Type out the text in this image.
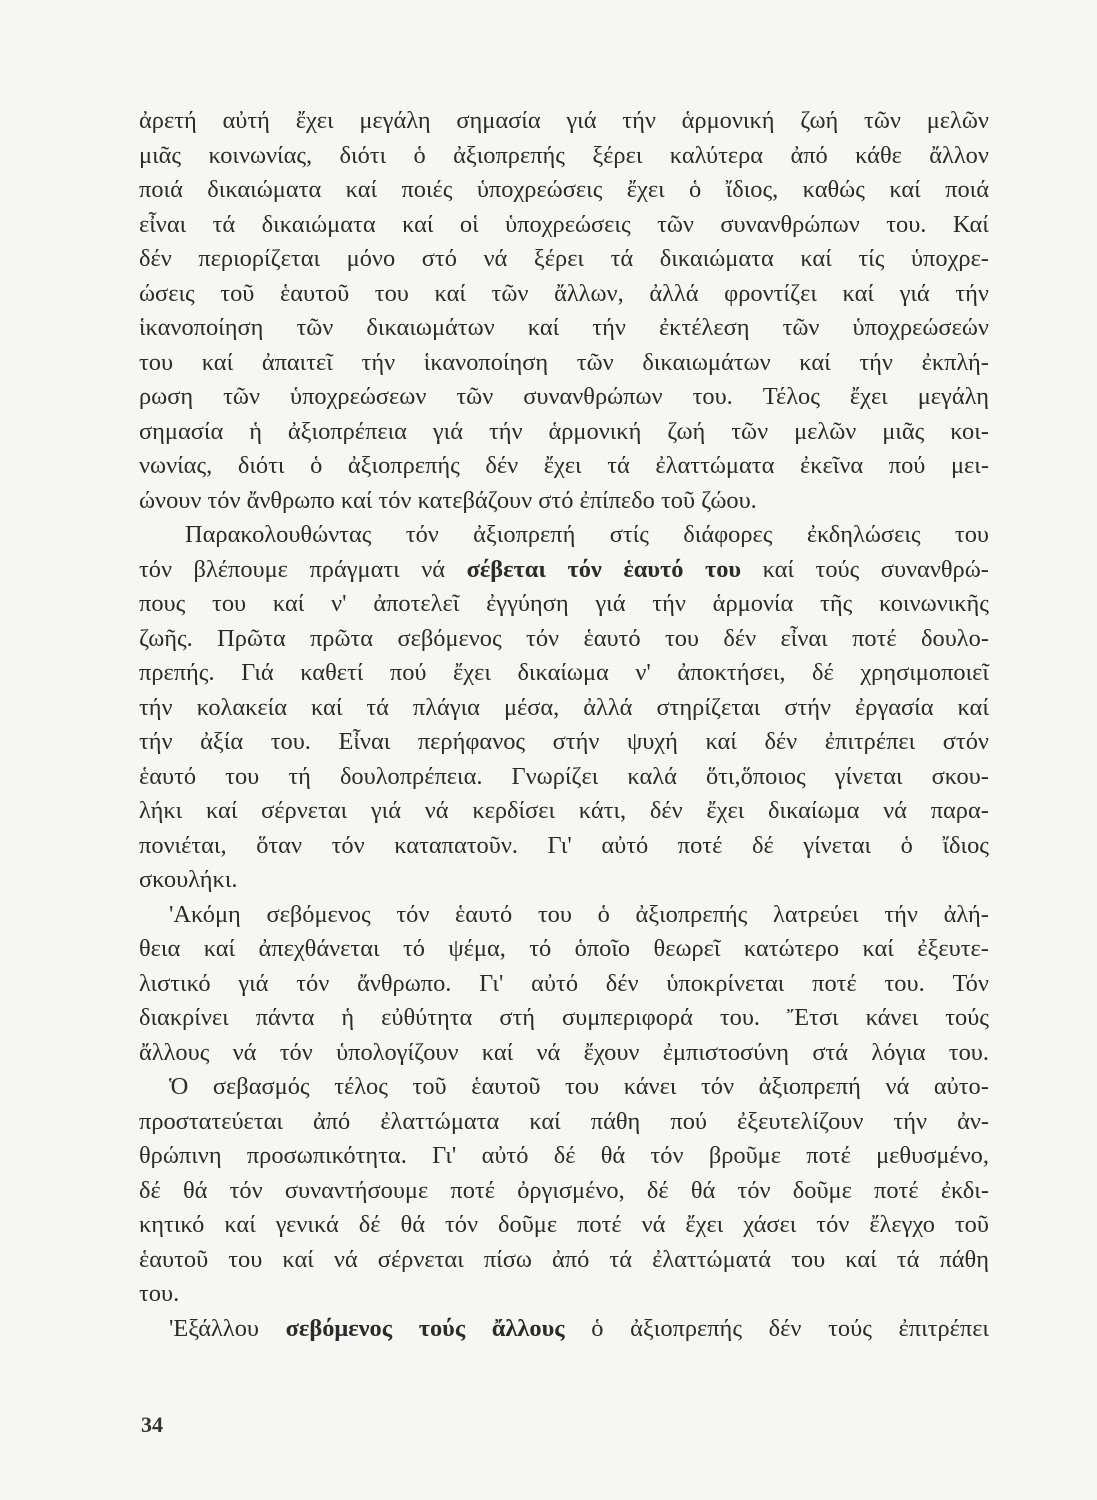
ἀρετή αὐτή ἔχει μεγάλη σημασία γιά τήν ἁρμονική ζωή τῶν μελῶν
μιᾶς κοινωνίας, διότι ὁ ἀξιοπρεπής ξέρει καλύτερα ἀπό κάθε ἄλλον
ποιά δικαιώματα καί ποιές ὑποχρεώσεις ἔχει ὁ ἴδιος, καθώς καί ποιά
εἶναι τά δικαιώματα καί οἱ ὑποχρεώσεις τῶν συνανθρώπων του. Καί
δέν περιορίζεται μόνο στό νά ξέρει τά δικαιώματα καί τίς ὑποχρε-
ώσεις τοῦ ἑαυτοῦ του καί τῶν ἄλλων, ἀλλά φροντίζει καί γιά τήν
ἱκανοποίηση τῶν δικαιωμάτων καί τήν ἐκτέλεση τῶν ὑποχρεώσεών
του καί ἀπαιτεῖ τήν ἱκανοποίηση τῶν δικαιωμάτων καί τήν ἐκπλή-
ρωση τῶν ὑποχρεώσεων τῶν συνανθρώπων του. Τέλος ἔχει μεγάλη
σημασία ἡ ἀξιοπρέπεια γιά τήν ἁρμονική ζωή τῶν μελῶν μιᾶς κοι-
νωνίας, διότι ὁ ἀξιοπρεπής δέν ἔχει τά ἐλαττώματα ἐκεῖνα πού μει-
ώνουν τόν ἄνθρωπο καί τόν κατεβάζουν στό ἐπίπεδο τοῦ ζώου.
Παρακολουθώντας τόν ἀξιοπρεπή στίς διάφορες ἐκδηλώσεις του
τόν βλέπουμε πράγματι νά σέβεται τόν ἑαυτό του καί τούς συνανθρώ-
πους του καί ν' ἀποτελεῖ ἐγγύηση γιά τήν ἁρμονία τῆς κοινωνικῆς
ζωῆς. Πρῶτα πρῶτα σεβόμενος τόν ἑαυτό του δέν εἶναι ποτέ δουλο-
πρεπής. Γιά καθετί πού ἔχει δικαίωμα ν' ἀποκτήσει, δέ χρησιμοποιεῖ
τήν κολακεία καί τά πλάγια μέσα, ἀλλά στηρίζεται στήν ἐργασία καί
τήν ἀξία του. Εἶναι περήφανος στήν ψυχή καί δέν ἐπιτρέπει στόν
ἑαυτό του τή δουλοπρέπεια. Γνωρίζει καλά ὅτι,ὅποιος γίνεται σκου-
λήκι καί σέρνεται γιά νά κερδίσει κάτι, δέν ἔχει δικαίωμα νά παρα-
πονιέται, ὅταν τόν καταπατοῦν. Γι' αὐτό ποτέ δέ γίνεται ὁ ἴδιος
σκουλήκι.
'Ακόμη σεβόμενος τόν ἑαυτό του ὁ ἀξιοπρεπής λατρεύει τήν ἀλή-
θεια καί ἀπεχθάνεται τό ψέμα, τό ὁποῖο θεωρεῖ κατώτερο καί ἐξευτε-
λιστικό γιά τόν ἄνθρωπο. Γι' αὐτό δέν ὑποκρίνεται ποτέ του. Τόν
διακρίνει πάντα ἡ εὐθύτητα στή συμπεριφορά του. Ἔτσι κάνει τούς
ἄλλους νά τόν ὑπολογίζουν καί νά ἔχουν ἐμπιστοσύνη στά λόγια του.
Ὁ σεβασμός τέλος τοῦ ἑαυτοῦ του κάνει τόν ἀξιοπρεπή νά αὐτο-
προστατεύεται ἀπό ἐλαττώματα καί πάθη πού ἐξευτελίζουν τήν ἀν-
θρώπινη προσωπικότητα. Γι' αὐτό δέ θά τόν βροῦμε ποτέ μεθυσμένο,
δέ θά τόν συναντήσουμε ποτέ ὀργισμένο, δέ θά τόν δοῦμε ποτέ ἐκδι-
κητικό καί γενικά δέ θά τόν δοῦμε ποτέ νά ἔχει χάσει τόν ἔλεγχο τοῦ
ἑαυτοῦ του καί νά σέρνεται πίσω ἀπό τά ἐλαττώματά του καί τά πάθη
του.
'Εξάλλου σεβόμενος τούς ἄλλους ὁ ἀξιοπρεπής δέν τούς ἐπιτρέπει
34
